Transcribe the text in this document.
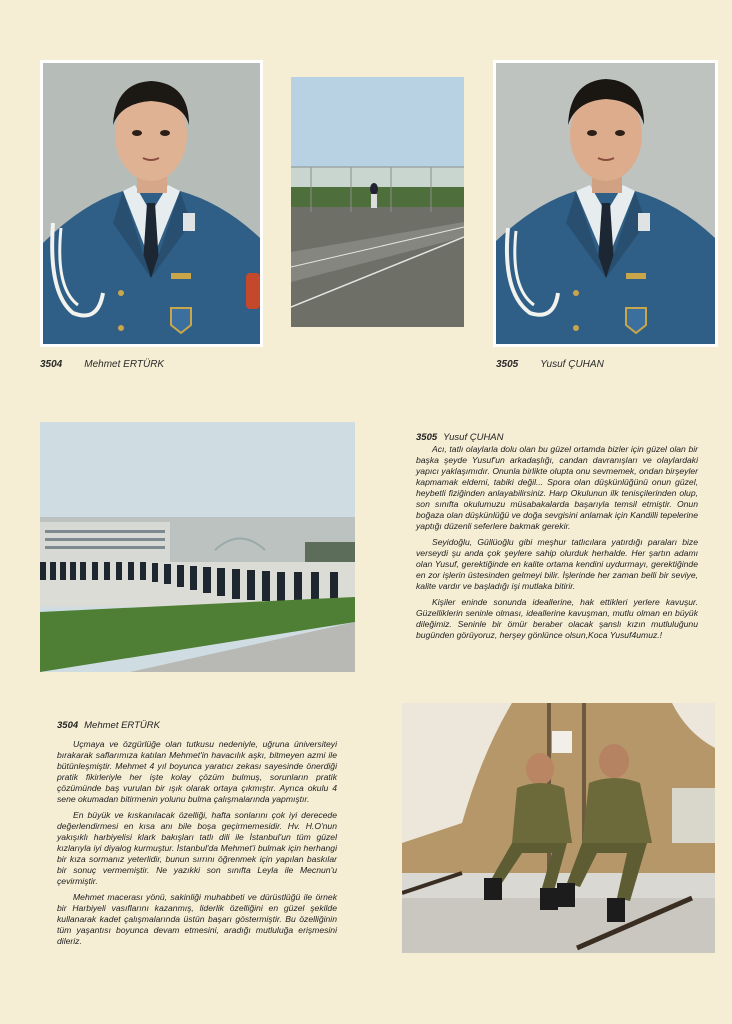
3504 Mehmet ERTÜRK	3505 Yusuf ÇUHAN
3505 Yusuf ÇUHAN

Acı, tatlı olaylarla dolu olan bu güzel ortamda bizler için güzel olan bir başka şeyde Yusuf'un arkadaşlığı, candan davranışları ve olaylardaki yapıcı yaklaşımıdır. Onunla birlikte olupta onu sevmemek, ondan birşeyler kapmamak eldemi, tabiki değil... Spora olan düşkünlüğünü onun güzel, heybetli fiziğinden anlayabilirsiniz. Harp Okulunun ilk tenisçilerinden olup, son sınıfta okulumuzu müsabakalarda başarıyla temsil etmiştir. Onun boğaza olan düşkünlüğü ve doğa sevgisini anlamak için Kandilli tepelerine yaptığı düzenli seferlere bakmak gerekir.

Seyidoğlu, Güllüoğlu gibi meşhur tatlıcılara yatırdığı paraları bize verseydi şu anda çok şeylere sahip olurduk herhalde. Her şartın adamı olan Yusuf, gerektiğinde en kalite ortama kendini uydurmayı, gerektiğinde en zor işlerin üstesinden gelmeyi bilir. İşlerinde her zaman belli bir seviye, kalite vardır ve başladığı işi mutlaka bitirir.

Kişiler eninde sonunda ideallerine, hak ettikleri yerlere kavuşur. Güzelliklerin seninle olması, ideallerine kavuşman, mutlu olman en büyük dileğimiz. Seninle bir ömür beraber olacak şanslı kızın mutluluğunu bugünden görüyoruz, herşey gönlünce olsun,Koca Yusuf4umuz.!

3504 Mehmet ERTÜRK

Uçmaya ve özgürlüğe olan tutkusu nedeniyle, uğruna üniversiteyi bırakarak saflarımıza katılan Mehmet'in havacılık aşkı, bitmeyen azmi ile bütünleşmiştir. Mehmet 4 yıl boyunca yaratıcı zekası sayesinde önerdiği pratik fikirleriyle her işte kolay çözüm bulmuş, sorunların pratik çözümünde baş vurulan bir ışık olarak ortaya çıkmıştır. Ayrıca okulu 4 sene okumadan bitirmenin yolunu bulma çalışmalarında yapmıştır.

En büyük ve kıskanılacak özelliği, hafta sonlarını çok iyi derecede değerlendirmesi en kısa anı bile boşa geçirmemesidir. Hv. H.O'nun yakışıklı harbiyelisi klark bakışları tatlı dili ile İstanbul'un tüm güzel kızlarıyla iyi diyalog kurmuştur. İstanbul'da Mehmet'i bulmak için herhangi bir kıza sormanız yeterlidir, bunun sırrını öğrenmek için yapılan baskılar bir sonuç vermemiştir. Ne yazıkki son sınıfta Leyla ile Mecnun'u çevirmiştir.

Mehmet macerası yönü, sakinliği muhabbeti ve dürüstlüğü ile örnek bir Harbiyeli vasıflarını kazanmış, liderlik özelliğini en güzel şekilde kullanarak kadet çalışmalarında üstün başarı göstermiştir. Bu özelliğinin tüm yaşantısı boyunca devam etmesini, aradığı mutluluğa erişmesini dileriz.
